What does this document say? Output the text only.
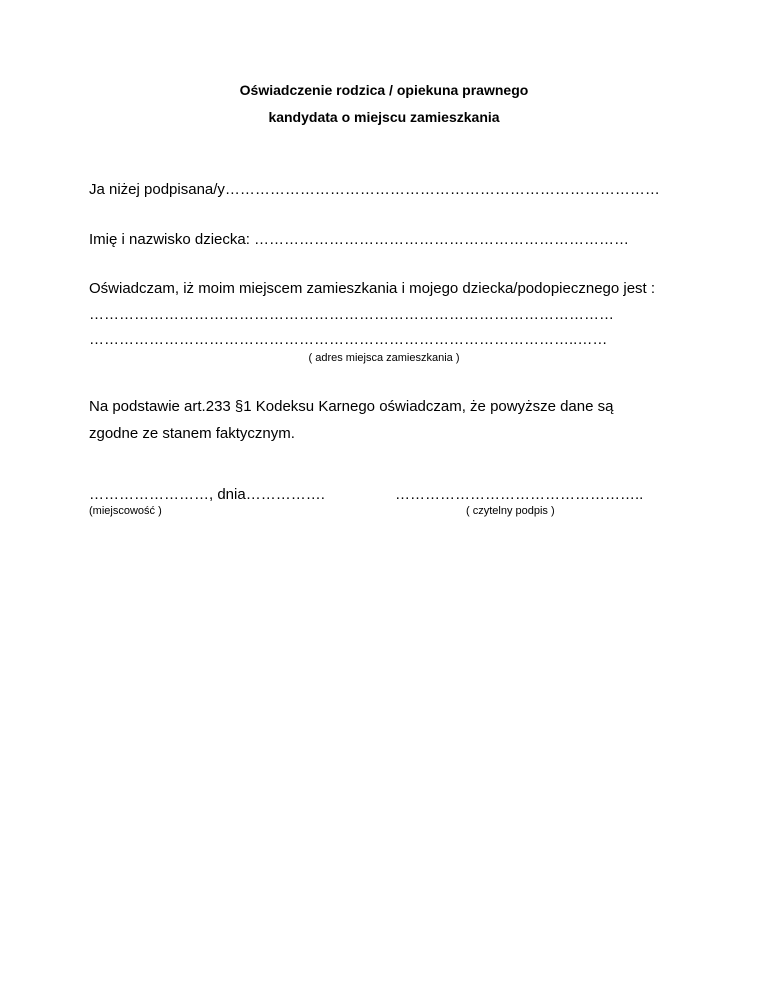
Oświadczenie rodzica / opiekuna prawnego
kandydata o miejscu zamieszkania
Ja niżej podpisana/y……………………………………………………………………………
Imię i nazwisko dziecka: …………………………………………………………………
Oświadczam, iż moim miejscem zamieszkania i mojego dziecka/podopiecznego jest :
……………………………………………………………………………………………
……………………………………………………………………………………..……
( adres miejsca zamieszkania )
Na podstawie art.233 §1 Kodeksu Karnego oświadczam, że powyższe dane są
zgodne ze stanem faktycznym.
……………………, dnia…………….	…………………………………………..
(miejscowość )	( czytelny podpis )
